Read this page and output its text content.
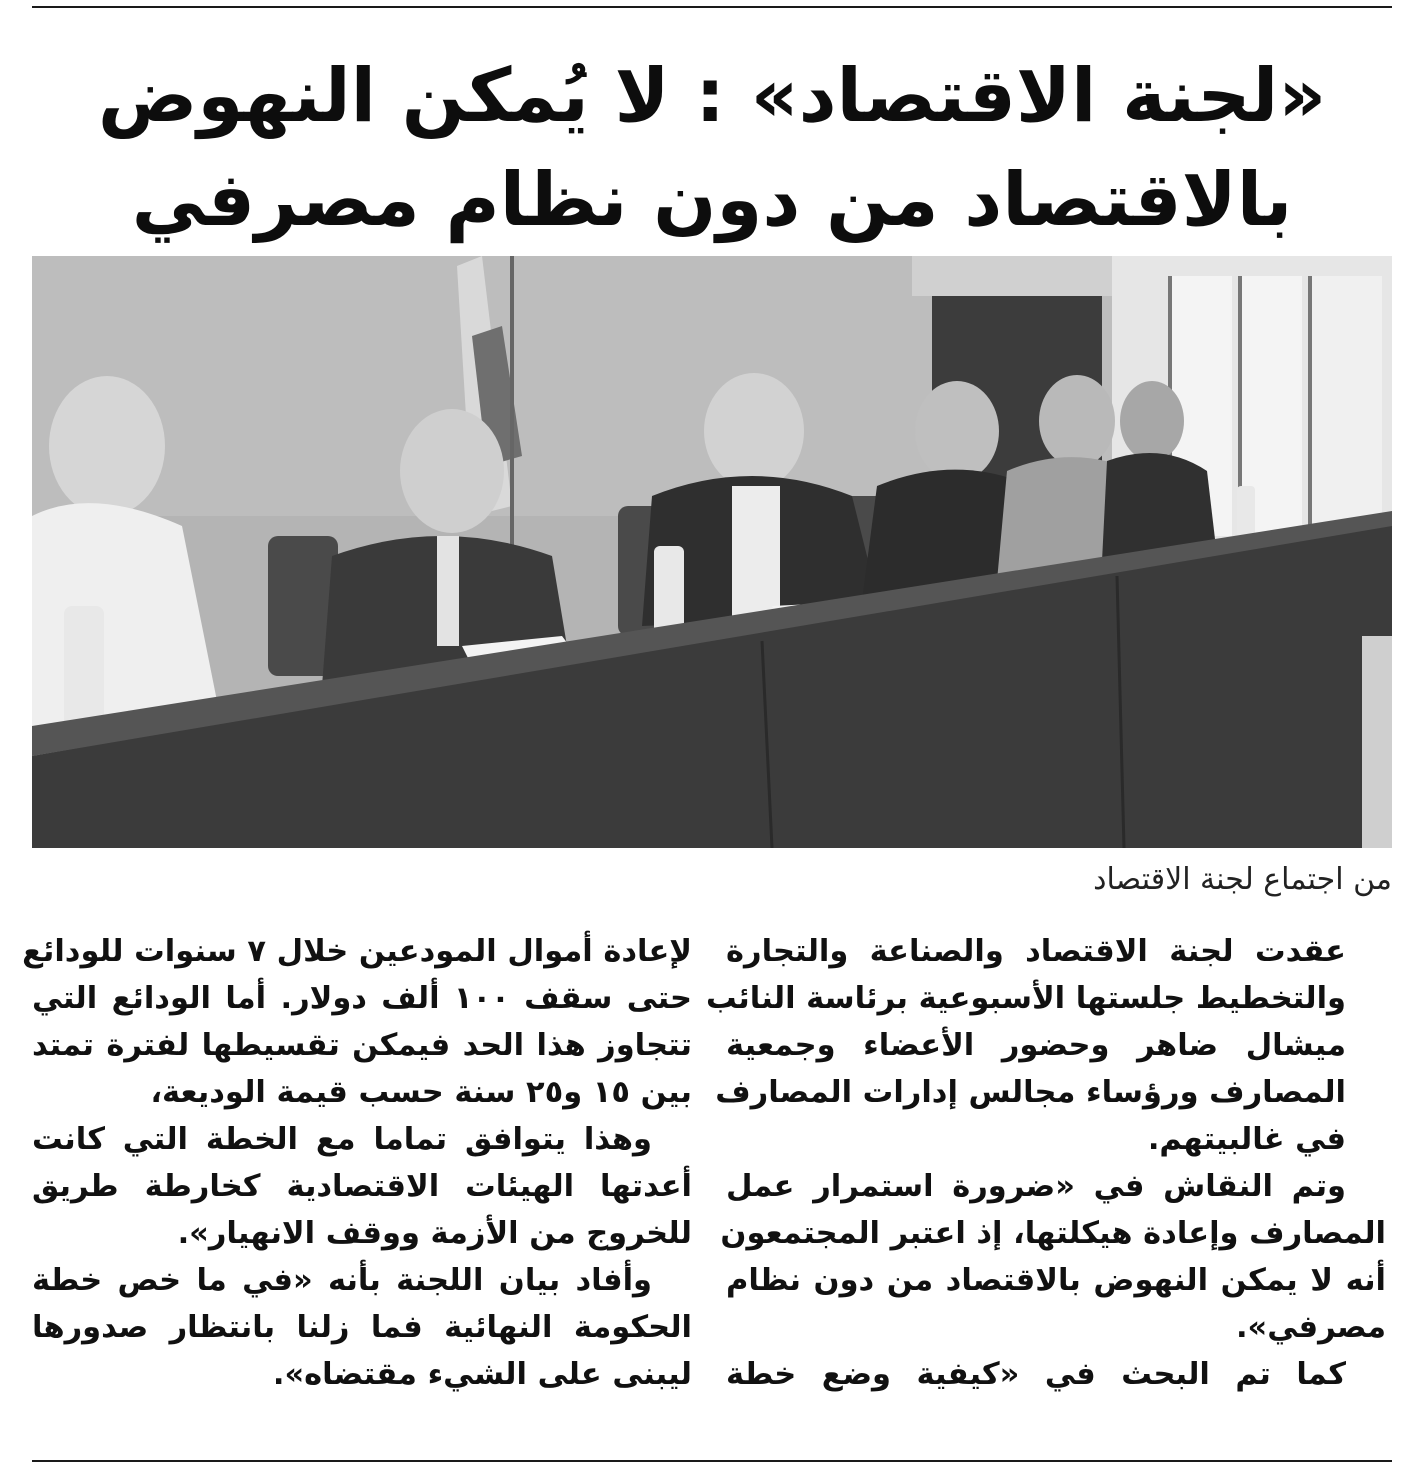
«لجنة الاقتصاد» : لا يُمكن النهوض
بالاقتصاد من دون نظام مصرفي
من اجتماع لجنة الاقتصاد

عقدت لجنة الاقتصاد والصناعة والتجارة
والتخطيط جلستها الأسبوعية برئاسة النائب
ميشال ضاهر وحضور الأعضاء وجمعية
المصارف ورؤساء مجالس إدارات المصارف
في غالبيتهم.

وتم النقاش في «ضرورة استمرار عمل
المصارف وإعادة هيكلتها، إذ اعتبر المجتمعون
أنه لا يمكن النهوض بالاقتصاد من دون نظام
مصرفي».

كما تم البحث في «كيفية وضع خطة

لإعادة أموال المودعين خلال ٧ سنوات للودائع
حتى سقف ١٠٠ ألف دولار. أما الودائع التي
تتجاوز هذا الحد فيمكن تقسيطها لفترة تمتد
بين ١٥ و٢٥ سنة حسب قيمة الوديعة،

وهذا يتوافق تماما مع الخطة التي كانت
أعدتها الهيئات الاقتصادية كخارطة طريق
للخروج من الأزمة ووقف الانهيار».

وأفاد بيان اللجنة بأنه «في ما خص خطة
الحكومة النهائية فما زلنا بانتظار صدورها
ليبنى على الشيء مقتضاه».
